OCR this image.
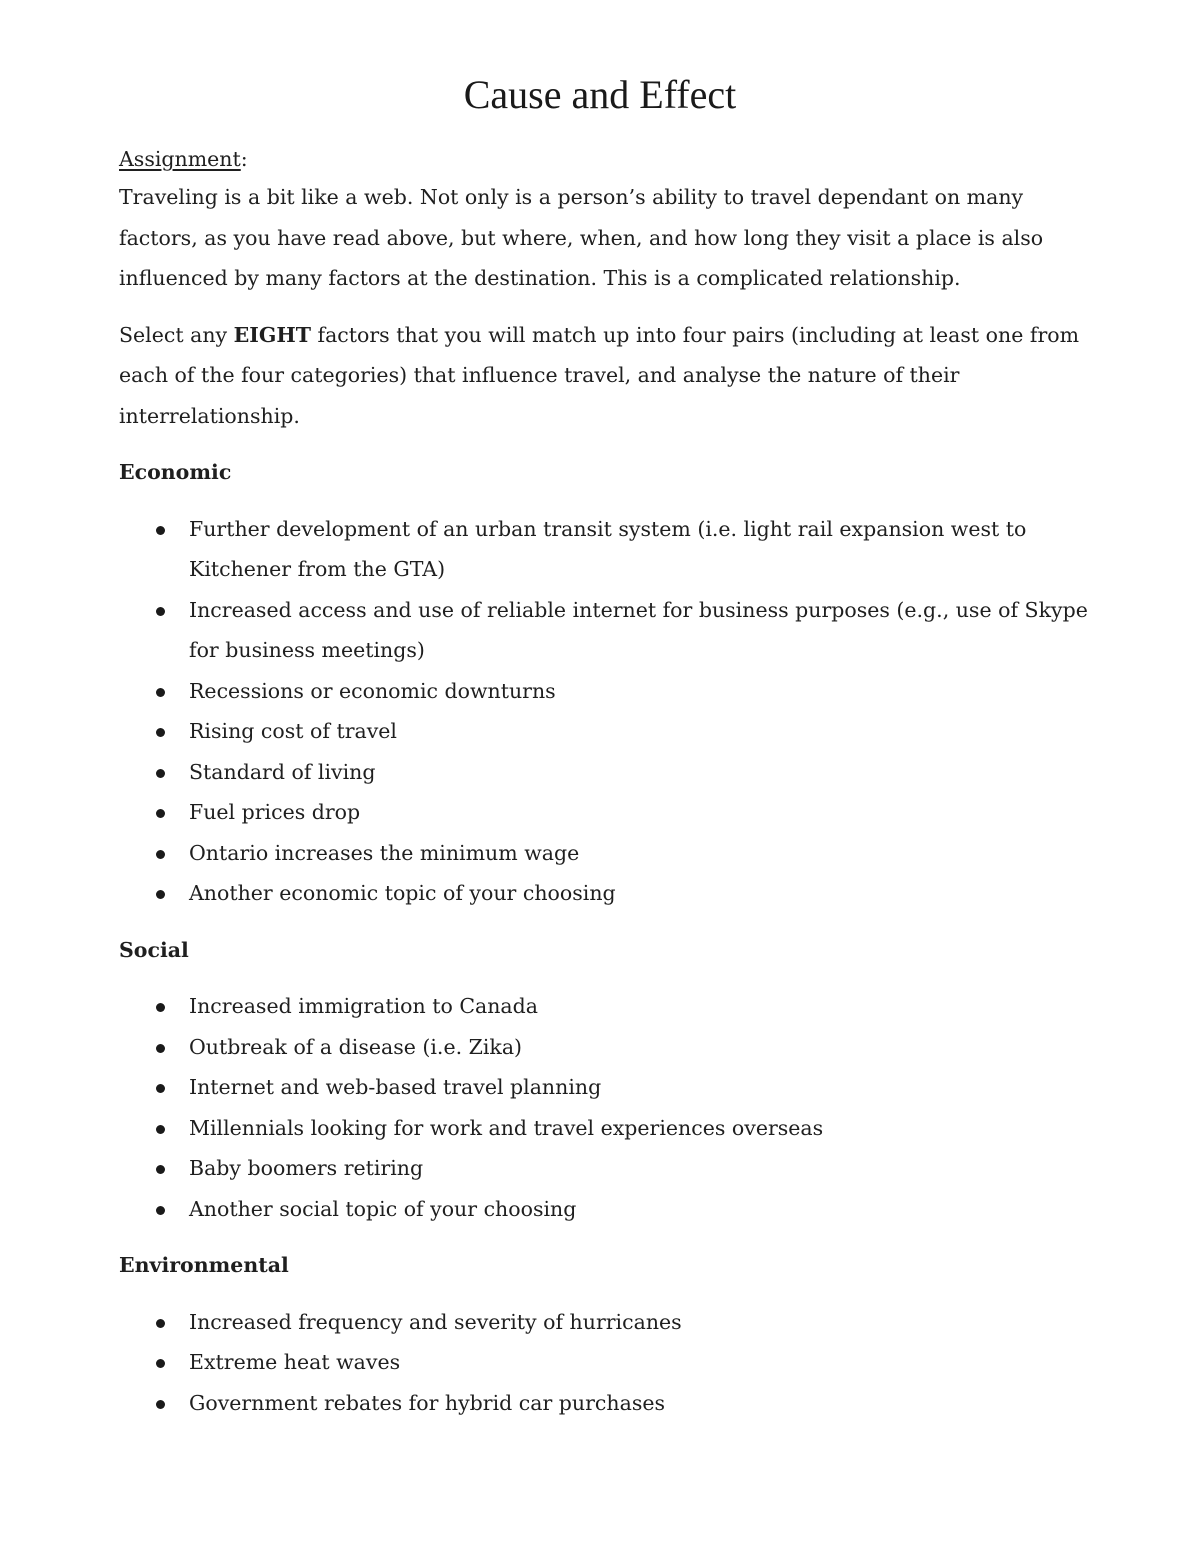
Cause and Effect

Assignment:

Traveling is a bit like a web. Not only is a person’s ability to travel dependant on many factors, as you have read above, but where, when, and how long they visit a place is also influenced by many factors at the destination. This is a complicated relationship.

Select any EIGHT factors that you will match up into four pairs (including at least one from each of the four categories) that influence travel, and analyse the nature of their interrelationship.

Economic
Further development of an urban transit system (i.e. light rail expansion west to Kitchener from the GTA)
Increased access and use of reliable internet for business purposes (e.g., use of Skype for business meetings)
Recessions or economic downturns
Rising cost of travel
Standard of living
Fuel prices drop
Ontario increases the minimum wage
Another economic topic of your choosing
Social
Increased immigration to Canada
Outbreak of a disease (i.e. Zika)
Internet and web-based travel planning
Millennials looking for work and travel experiences overseas
Baby boomers retiring
Another social topic of your choosing
Environmental
Increased frequency and severity of hurricanes
Extreme heat waves
Government rebates for hybrid car purchases
